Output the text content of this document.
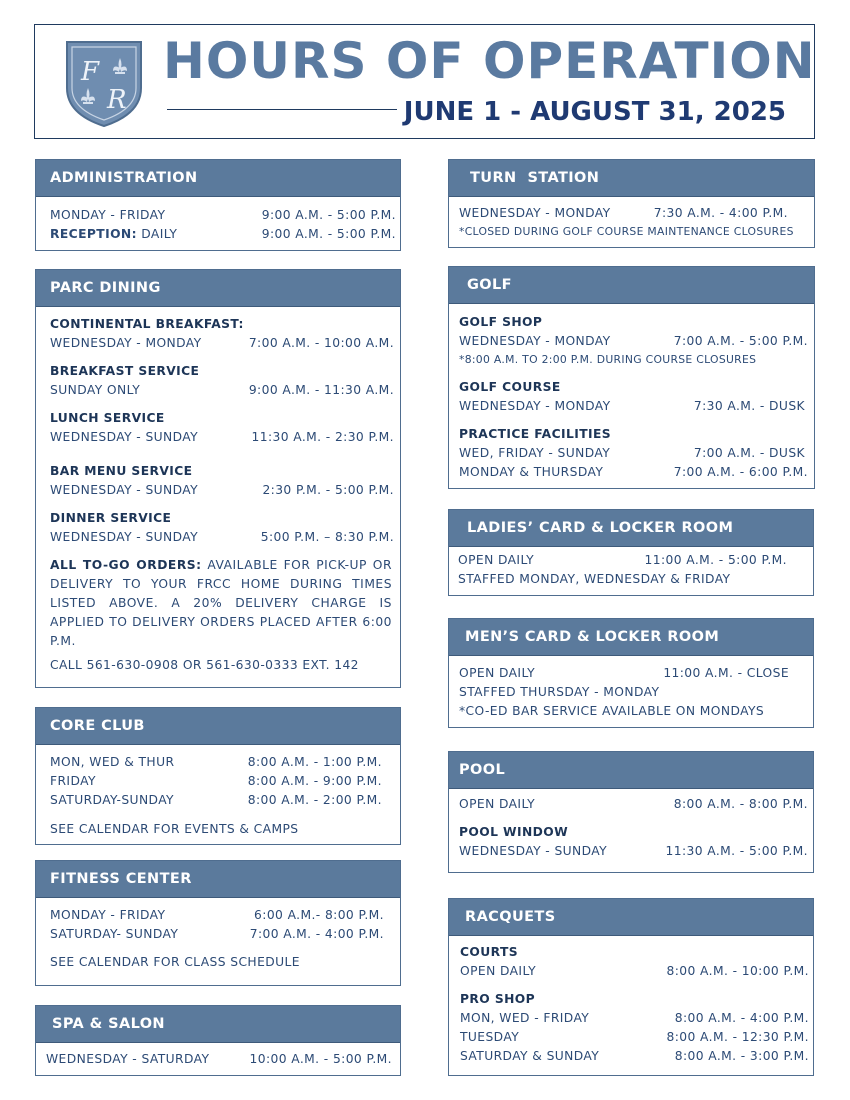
F
R
HOURS OF OPERATION
JUNE 1 - AUGUST 31, 2025
ADMINISTRATION
MONDAY - FRIDAY	9:00 A.M. - 5:00 P.M.
RECEPTION: DAILY	9:00 A.M. - 5:00 P.M.
PARC DINING
CONTINENTAL BREAKFAST:
WEDNESDAY - MONDAY	7:00 A.M. - 10:00 A.M.
BREAKFAST SERVICE
SUNDAY ONLY	9:00 A.M. - 11:30 A.M.
LUNCH SERVICE
WEDNESDAY - SUNDAY	11:30 A.M. - 2:30 P.M.
BAR MENU SERVICE
WEDNESDAY - SUNDAY	2:30 P.M. - 5:00 P.M.
DINNER SERVICE
WEDNESDAY - SUNDAY	5:00 P.M. – 8:30 P.M.
ALL TO-GO ORDERS: AVAILABLE FOR PICK-UP OR DELIVERY TO YOUR FRCC HOME DURING TIMES LISTED ABOVE. A 20% DELIVERY CHARGE IS APPLIED TO DELIVERY ORDERS PLACED AFTER 6:00 P.M.
CALL 561-630-0908 OR 561-630-0333 EXT. 142
CORE CLUB
MON, WED & THUR	8:00 A.M. - 1:00 P.M.
FRIDAY	8:00 A.M. - 9:00 P.M.
SATURDAY-SUNDAY	8:00 A.M. - 2:00 P.M.
SEE CALENDAR FOR EVENTS & CAMPS
FITNESS CENTER
MONDAY - FRIDAY	6:00 A.M.- 8:00 P.M.
SATURDAY- SUNDAY	7:00 A.M. - 4:00 P.M.
SEE CALENDAR FOR CLASS SCHEDULE
SPA & SALON
WEDNESDAY - SATURDAY	10:00 A.M. - 5:00 P.M.
TURN  STATION
WEDNESDAY - MONDAY	7:30 A.M. - 4:00 P.M.
*CLOSED DURING GOLF COURSE MAINTENANCE CLOSURES
GOLF
GOLF SHOP
WEDNESDAY - MONDAY	7:00 A.M. - 5:00 P.M.
*8:00 A.M. TO 2:00 P.M. DURING COURSE CLOSURES
GOLF COURSE
WEDNESDAY - MONDAY	7:30 A.M. - DUSK
PRACTICE FACILITIES
WED, FRIDAY - SUNDAY	7:00 A.M. - DUSK
MONDAY & THURSDAY	7:00 A.M. - 6:00 P.M.
LADIES’ CARD & LOCKER ROOM
OPEN DAILY	11:00 A.M. - 5:00 P.M.
STAFFED MONDAY, WEDNESDAY & FRIDAY
MEN’S CARD & LOCKER ROOM
OPEN DAILY	11:00 A.M. - CLOSE
STAFFED THURSDAY - MONDAY
*CO-ED BAR SERVICE AVAILABLE ON MONDAYS
POOL
OPEN DAILY	8:00 A.M. - 8:00 P.M.
POOL WINDOW
WEDNESDAY - SUNDAY	11:30 A.M. - 5:00 P.M.
RACQUETS
COURTS
OPEN DAILY	8:00 A.M. - 10:00 P.M.
PRO SHOP
MON, WED - FRIDAY	8:00 A.M. - 4:00 P.M.
TUESDAY	8:00 A.M. - 12:30 P.M.
SATURDAY & SUNDAY	8:00 A.M. - 3:00 P.M.
